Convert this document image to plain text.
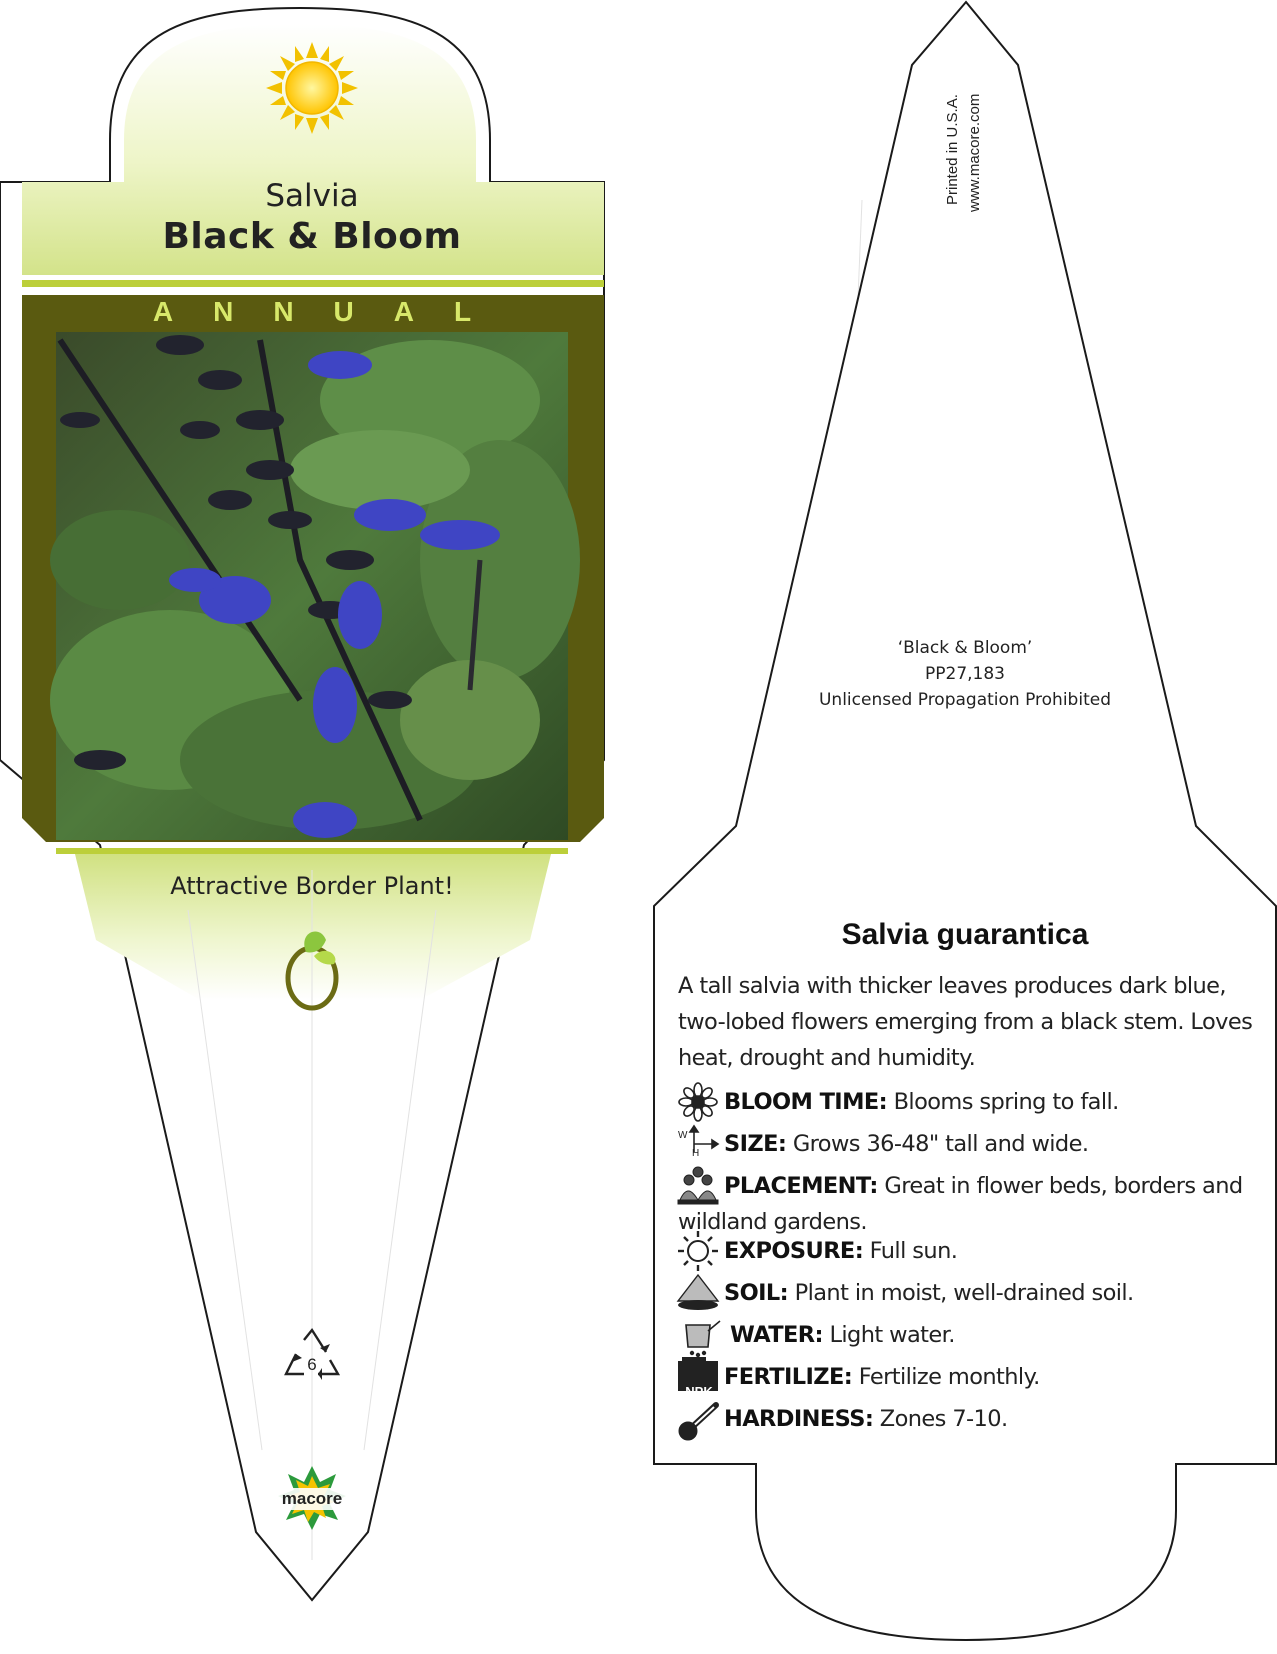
Salvia
Black & Bloom
ANNUAL
Attractive Border Plant!
6
macore
Printed in U.S.A. www.macore.com
‘Black & Bloom’
PP27,183
Unlicensed Propagation Prohibited
Salvia guarantica
A tall salvia with thicker leaves produces dark blue, two-lobed flowers emerging from a black stem. Loves heat, drought and humidity.
BLOOM TIME: Blooms spring to fall.
SIZE: Grows 36-48" tall and wide.
W
H
PLACEMENT: Great in flower beds, borders and wildland gardens.
EXPOSURE: Full sun.
SOIL: Plant in moist, well-drained soil.
WATER: Light water.
NPK
FERTILIZE: Fertilize monthly.
HARDINESS: Zones 7-10.
